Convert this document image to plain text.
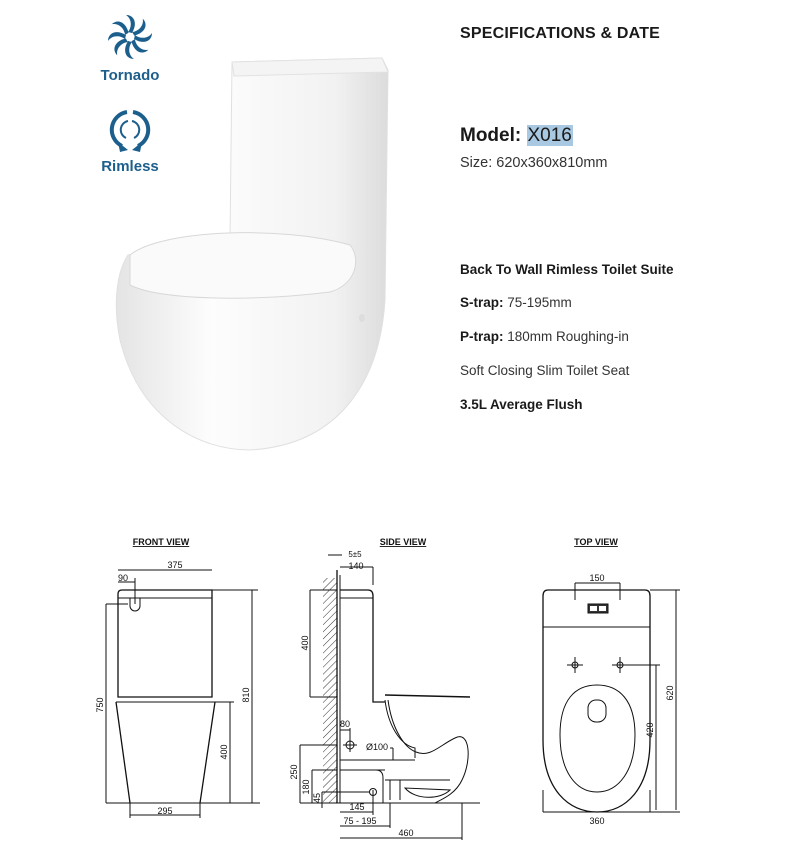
Tornado
Rimless
SPECIFICATIONS & DATE
Model: X016
Size: 620x360x810mm
Back To Wall Rimless Toilet Suite
S-trap: 75-195mm
P-trap: 180mm Roughing-in
Soft Closing Slim Toilet Seat
3.5L Average Flush
FRONT VIEW
375
90
750
810
400
295
SIDE VIEW
5±5
140
400
80
Ø100
250
180
45
145
75 - 195
460
TOP VIEW
150
620
420
360
